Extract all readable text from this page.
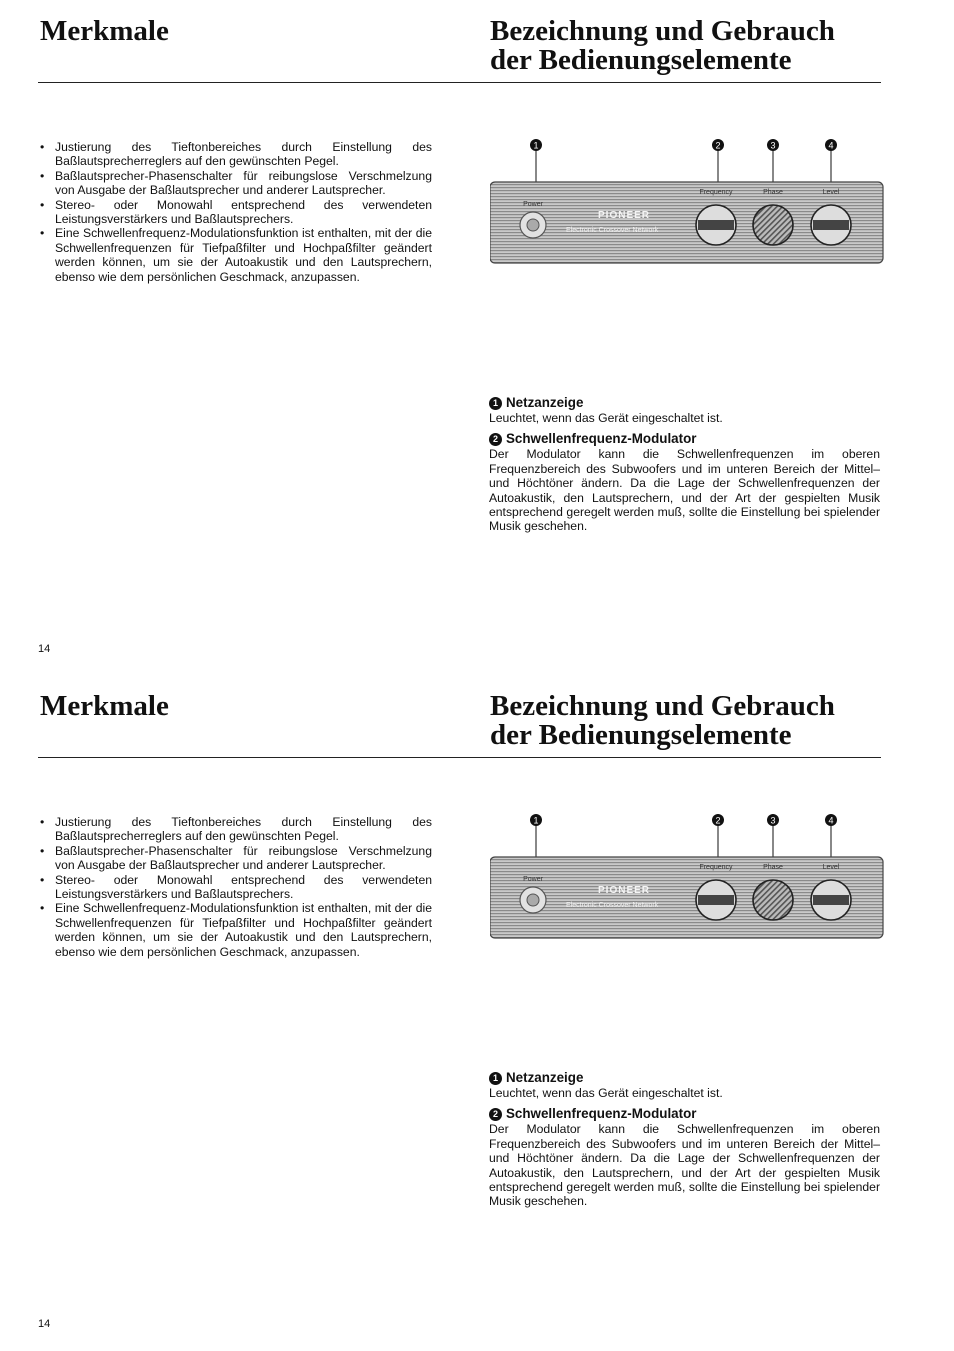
Merkmale	Bezeichnung und Gebrauch
der Bedienungselemente
• Justierung des Tieftonbereiches durch Einstellung des Baßlautsprecherreglers auf den gewünschten Pegel.
• Baßlautsprecher-Phasenschalter für reibungslose Verschmelzung von Ausgabe der Baßlautsprecher und anderer Lautsprecher.
• Stereo- oder Monowahl entsprechend des verwendeten Leistungsverstärkers und Baßlautsprechers.
• Eine Schwellenfrequenz-Modulationsfunktion ist enthalten, mit der die Schwellenfrequenzen für Tiefpaßfilter und Hochpaßfilter geändert werden können, um sie der Autoakustik und den Lautsprechern, ebenso wie dem persönlichen Geschmack, anzupassen.
1	2	3	4
Power
PIONEER
Electronic Crossover Network
Frequency	Phase	Level
1 Netzanzeige

Leuchtet, wenn das Gerät eingeschaltet ist.

2 Schwellenfrequenz-Modulator

Der Modulator kann die Schwellenfrequenzen im oberen Frequenzbereich des Subwoofers und im unteren Bereich der Mittel–und Höchtöner ändern. Da die Lage der Schwellenfrequenzen der Autoakustik, den Lautsprechern, und der Art der gespielten Musik entsprechend geregelt werden muß, sollte die Einstellung bei spielender Musik geschehen.

14
Merkmale	Bezeichnung und Gebrauch
der Bedienungselemente
• Justierung des Tieftonbereiches durch Einstellung des Baßlautsprecherreglers auf den gewünschten Pegel.
• Baßlautsprecher-Phasenschalter für reibungslose Verschmelzung von Ausgabe der Baßlautsprecher und anderer Lautsprecher.
• Stereo- oder Monowahl entsprechend des verwendeten Leistungsverstärkers und Baßlautsprechers.
• Eine Schwellenfrequenz-Modulationsfunktion ist enthalten, mit der die Schwellenfrequenzen für Tiefpaßfilter und Hochpaßfilter geändert werden können, um sie der Autoakustik und den Lautsprechern, ebenso wie dem persönlichen Geschmack, anzupassen.
1	2	3	4
Power
PIONEER
Electronic Crossover Network
Frequency	Phase	Level
1 Netzanzeige

Leuchtet, wenn das Gerät eingeschaltet ist.

2 Schwellenfrequenz-Modulator

Der Modulator kann die Schwellenfrequenzen im oberen Frequenzbereich des Subwoofers und im unteren Bereich der Mittel–und Höchtöner ändern. Da die Lage der Schwellenfrequenzen der Autoakustik, den Lautsprechern, und der Art der gespielten Musik entsprechend geregelt werden muß, sollte die Einstellung bei spielender Musik geschehen.

14
